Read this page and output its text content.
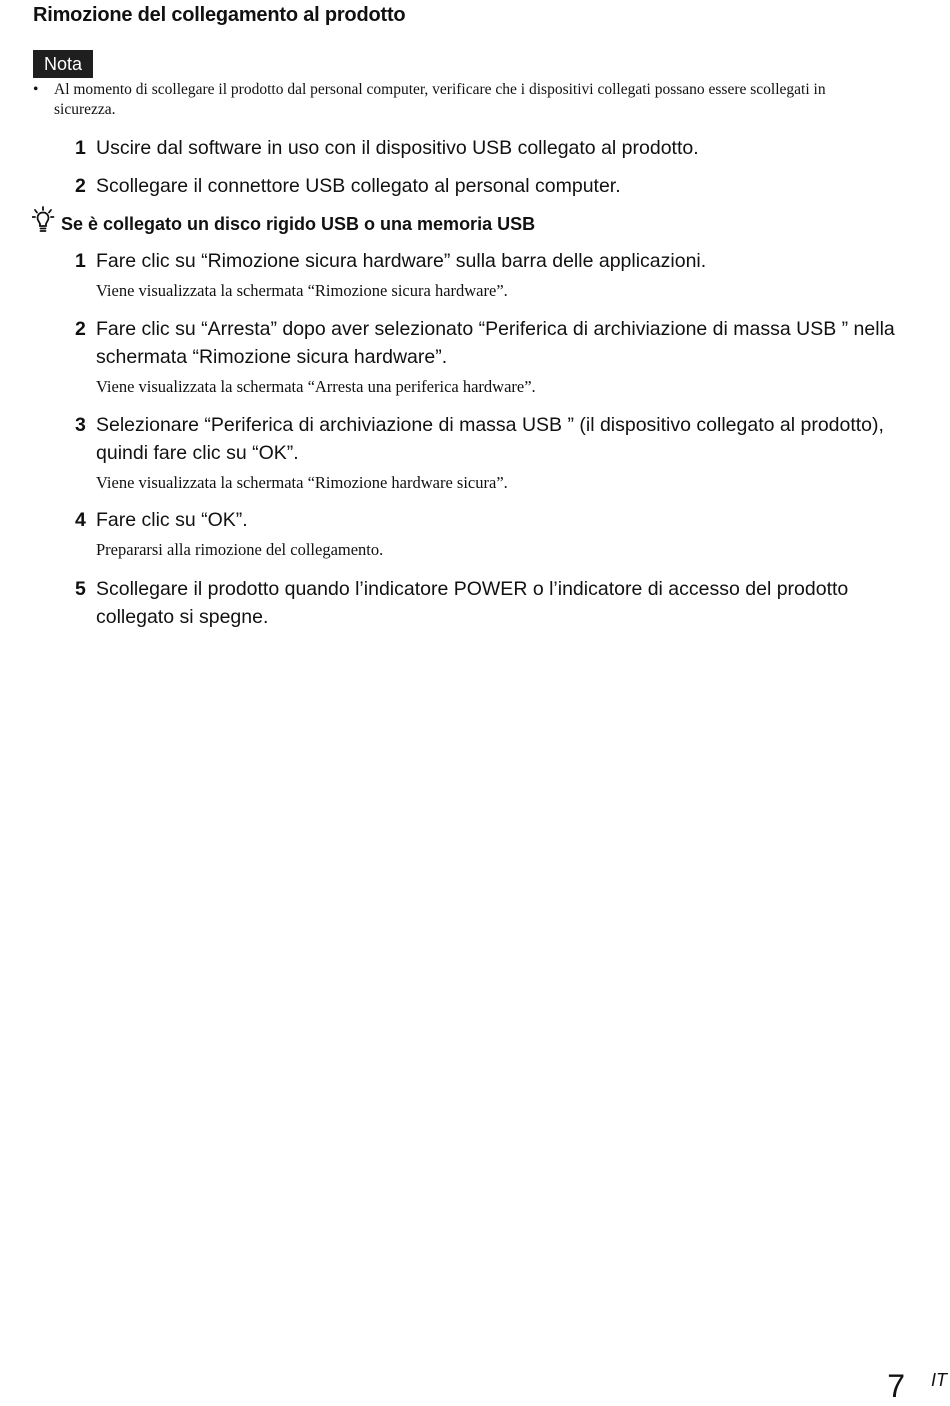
Rimozione del collegamento al prodotto
Nota
• Al momento di scollegare il prodotto dal personal computer, verificare che i dispositivi collegati possano essere scollegati in sicurezza.
1 Uscire dal software in uso con il dispositivo USB collegato al prodotto.
2 Scollegare il connettore USB collegato al personal computer.
Se è collegato un disco rigido USB o una memoria USB
1 Fare clic su “Rimozione sicura hardware” sulla barra delle applicazioni.
Viene visualizzata la schermata “Rimozione sicura hardware”.
2 Fare clic su “Arresta” dopo aver selezionato “Periferica di archiviazione di massa USB ” nella schermata “Rimozione sicura hardware”.
Viene visualizzata la schermata “Arresta una periferica hardware”.
3 Selezionare “Periferica di archiviazione di massa USB ” (il dispositivo collegato al prodotto), quindi fare clic su “OK”.
Viene visualizzata la schermata “Rimozione hardware sicura”.
4 Fare clic su “OK”.
Prepararsi alla rimozione del collegamento.
5 Scollegare il prodotto quando l’indicatore POWER o l’indicatore di accesso del prodotto collegato si spegne.
7 IT
